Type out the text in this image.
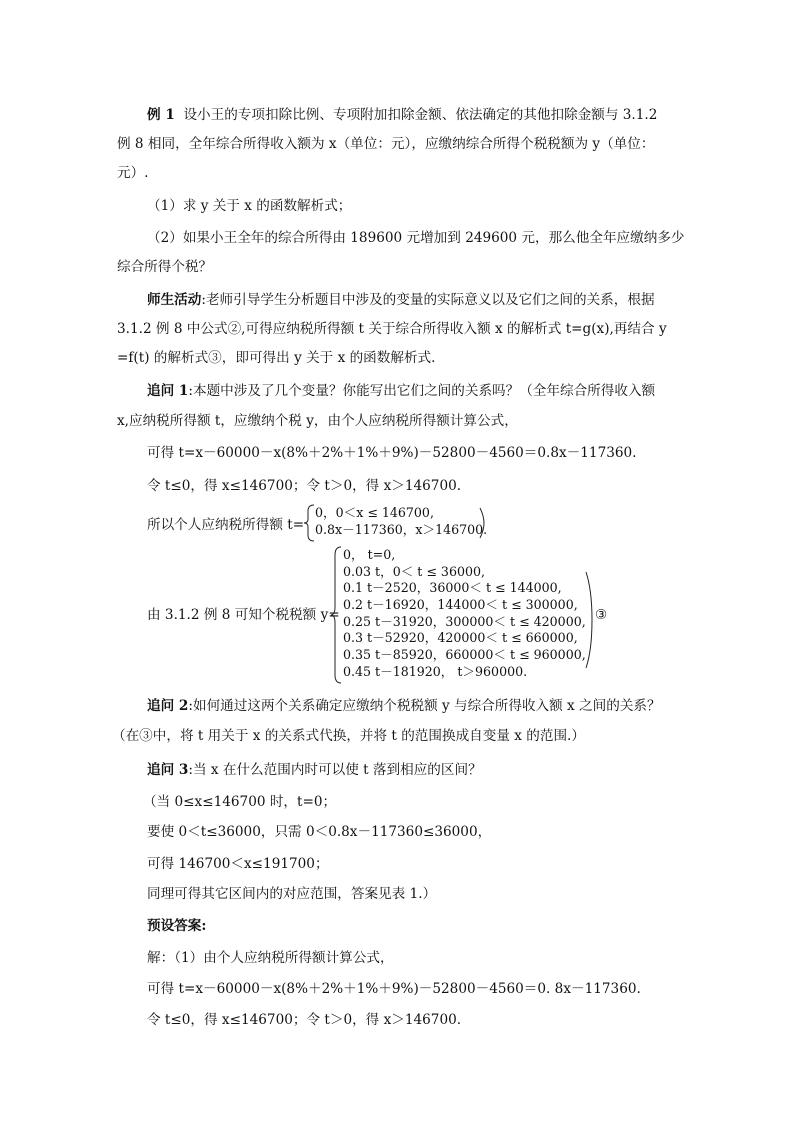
例 1 设小王的专项扣除比例、专项附加扣除金额、依法确定的其他扣除金额与 3.1.2
例 8 相同，全年综合所得收入额为 x（单位：元），应缴纳综合所得个税税额为 y（单位：
元）.
（1）求 y 关于 x 的函数解析式；
（2）如果小王全年的综合所得由 189600 元增加到 249600 元，那么他全年应缴纳多少
综合所得个税？
师生活动:老师引导学生分析题目中涉及的变量的实际意义以及它们之间的关系，根据
3.1.2 例 8 中公式②,可得应纳税所得额 t 关于综合所得收入额 x 的解析式 t=g(x),再结合 y
=f(t) 的解析式③，即可得出 y 关于 x 的函数解析式.
追问 1:本题中涉及了几个变量？你能写出它们之间的关系吗？（全年综合所得收入额
x,应纳税所得额 t，应缴纳个税 y，由个人应纳税所得额计算公式，
可得 t=x－60000－x(8%＋2%＋1%＋9%)－52800－4560＝0.8x－117360.
令 t≤0，得 x≤146700；令 t＞0，得 x＞146700.
所以个人应纳税所得额 t=
0，0＜x ≤ 146700,
0.8x－117360，x＞146700.
由 3.1.2 例 8 可知个税税额 y=
0， t=0,
0.03 t，0＜ t ≤ 36000,
0.1 t－2520，36000＜ t ≤ 144000,
0.2 t－16920，144000＜ t ≤ 300000,
0.25 t－31920，300000＜ t ≤ 420000,
0.3 t－52920，420000＜ t ≤ 660000,
0.35 t－85920，660000＜ t ≤ 960000,
0.45 t－181920， t＞960000.
③
追问 2:如何通过这两个关系确定应缴纳个税税额 y 与综合所得收入额 x 之间的关系？
（在③中，将 t 用关于 x 的关系式代换，并将 t 的范围换成自变量 x 的范围.）
追问 3:当 x 在什么范围内时可以使 t 落到相应的区间？
（当 0≤x≤146700 时，t=0；
要使 0＜t≤36000，只需 0＜0.8x－117360≤36000，
可得 146700＜x≤191700；
同理可得其它区间内的对应范围，答案见表 1.）
预设答案:
解：（1）由个人应纳税所得额计算公式，
可得 t=x－60000－x(8%＋2%＋1%＋9%)－52800－4560＝0. 8x－117360.
令 t≤0，得 x≤146700；令 t＞0，得 x＞146700.
